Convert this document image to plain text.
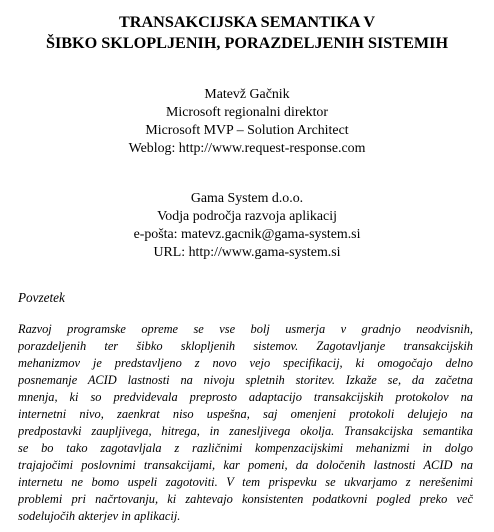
TRANSAKCIJSKA SEMANTIKA V
ŠIBKO SKLOPLJENIH, PORAZDELJENIH SISTEMIH
Matevž Gačnik
Microsoft regionalni direktor
Microsoft MVP – Solution Architect
Weblog: http://www.request-response.com
Gama System d.o.o.
Vodja področja razvoja aplikacij
e-pošta: matevz.gacnik@gama-system.si
URL: http://www.gama-system.si

Povzetek

Razvoj programske opreme se vse bolj usmerja v gradnjo neodvisnih,
porazdeljenih ter šibko sklopljenih sistemov. Zagotavljanje transakcijskih
mehanizmov je predstavljeno z novo vejo specifikacij, ki omogočajo delno
posnemanje ACID lastnosti na nivoju spletnih storitev. Izkaže se, da začetna
mnenja, ki so predvidevala preprosto adaptacijo transakcijskih protokolov na
internetni nivo, zaenkrat niso uspešna, saj omenjeni protokoli delujejo na
predpostavki zaupljivega, hitrega, in zanesljivega okolja. Transakcijska semantika
se bo tako zagotavljala z različnimi kompenzacijskimi mehanizmi in dolgo
trajajočimi poslovnimi transakcijami, kar pomeni, da določenih lastnosti ACID na
internetu ne bomo uspeli zagotoviti. V tem prispevku se ukvarjamo z nerešenimi
problemi pri načrtovanju, ki zahtevajo konsistenten podatkovni pogled preko več
sodelujočih akterjev in aplikacij.
